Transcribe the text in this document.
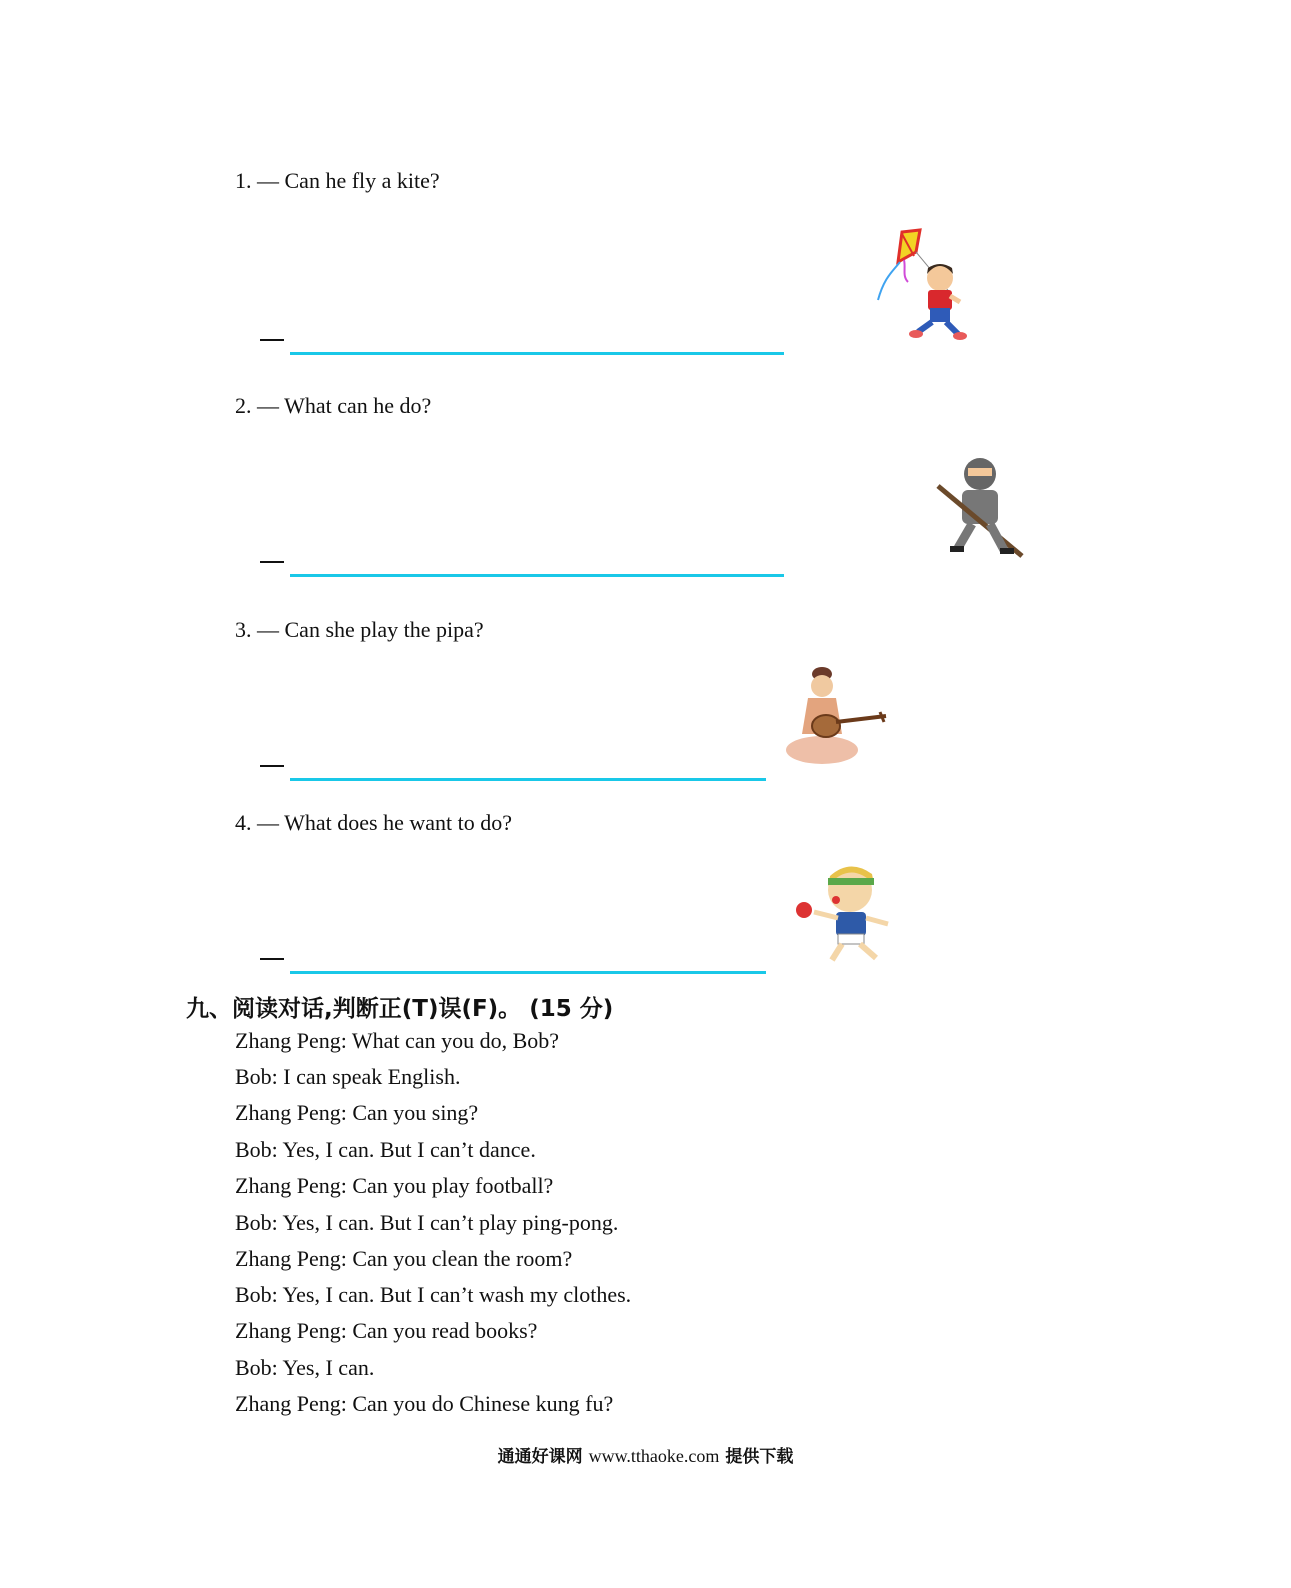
1. — Can he fly a kite?
2. — What can he do?
3. — Can she play the pipa?
4. — What does he want to do?
九、阅读对话,判断正(T)误(F)。 (15 分)
Zhang Peng: What can you do, Bob?
Bob: I can speak English.
Zhang Peng: Can you sing?
Bob: Yes, I can. But I can’t dance.
Zhang Peng: Can you play football?
Bob: Yes, I can. But I can’t play ping-pong.
Zhang Peng: Can you clean the room?
Bob: Yes, I can. But I can’t wash my clothes.
Zhang Peng: Can you read books?
Bob: Yes, I can.
Zhang Peng: Can you do Chinese kung fu?
通通好课网 www.tthaoke.com 提供下载
